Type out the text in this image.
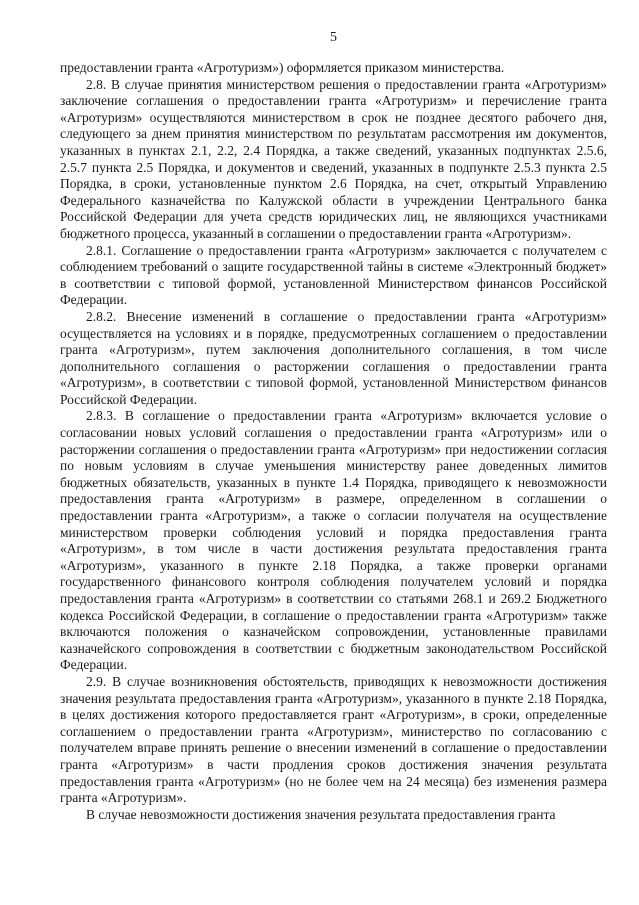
5

предоставлении гранта «Агротуризм») оформляется приказом министерства.

2.8. В случае принятия министерством решения о предоставлении гранта «Агротуризм» заключение соглашения о предоставлении гранта «Агротуризм» и перечисление гранта «Агротуризм» осуществляются министерством в срок не позднее десятого рабочего дня, следующего за днем принятия министерством по результатам рассмотрения им документов, указанных в пунктах 2.1, 2.2, 2.4 Порядка, а также сведений, указанных подпунктах 2.5.6, 2.5.7 пункта 2.5 Порядка, и документов и сведений, указанных в подпункте 2.5.3 пункта 2.5 Порядка, в сроки, установленные пунктом 2.6 Порядка, на счет, открытый Управлению Федерального казначейства по Калужской области в учреждении Центрального банка Российской Федерации для учета средств юридических лиц, не являющихся участниками бюджетного процесса, указанный в соглашении о предоставлении гранта «Агротуризм».

2.8.1. Соглашение о предоставлении гранта «Агротуризм» заключается с получателем с соблюдением требований о защите государственной тайны в системе «Электронный бюджет» в соответствии с типовой формой, установленной Министерством финансов Российской Федерации.

2.8.2. Внесение изменений в соглашение о предоставлении гранта «Агротуризм» осуществляется на условиях и в порядке, предусмотренных соглашением о предоставлении гранта «Агротуризм», путем заключения дополнительного соглашения, в том числе дополнительного соглашения о расторжении соглашения о предоставлении гранта «Агротуризм», в соответствии с типовой формой, установленной Министерством финансов Российской Федерации.

2.8.3. В соглашение о предоставлении гранта «Агротуризм» включается условие о согласовании новых условий соглашения о предоставлении гранта «Агротуризм» или о расторжении соглашения о предоставлении гранта «Агротуризм» при недостижении согласия по новым условиям в случае уменьшения министерству ранее доведенных лимитов бюджетных обязательств, указанных в пункте 1.4 Порядка, приводящего к невозможности предоставления гранта «Агротуризм» в размере, определенном в соглашении о предоставлении гранта «Агротуризм», а также о согласии получателя на осуществление министерством проверки соблюдения условий и порядка предоставления гранта «Агротуризм», в том числе в части достижения результата предоставления гранта «Агротуризм», указанного в пункте 2.18 Порядка, а также проверки органами государственного финансового контроля соблюдения получателем условий и порядка предоставления гранта «Агротуризм» в соответствии со статьями 268.1 и 269.2 Бюджетного кодекса Российской Федерации, в соглашение о предоставлении гранта «Агротуризм» также включаются положения о казначейском сопровождении, установленные правилами казначейского сопровождения в соответствии с бюджетным законодательством Российской Федерации.

2.9. В случае возникновения обстоятельств, приводящих к невозможности достижения значения результата предоставления гранта «Агротуризм», указанного в пункте 2.18 Порядка, в целях достижения которого предоставляется грант «Агротуризм», в сроки, определенные соглашением о предоставлении гранта «Агротуризм», министерство по согласованию с получателем вправе принять решение о внесении изменений в соглашение о предоставлении гранта «Агротуризм» в части продления сроков достижения значения результата предоставления гранта «Агротуризм» (но не более чем на 24 месяца) без изменения размера гранта «Агротуризм».

В случае невозможности достижения значения результата предоставления гранта
